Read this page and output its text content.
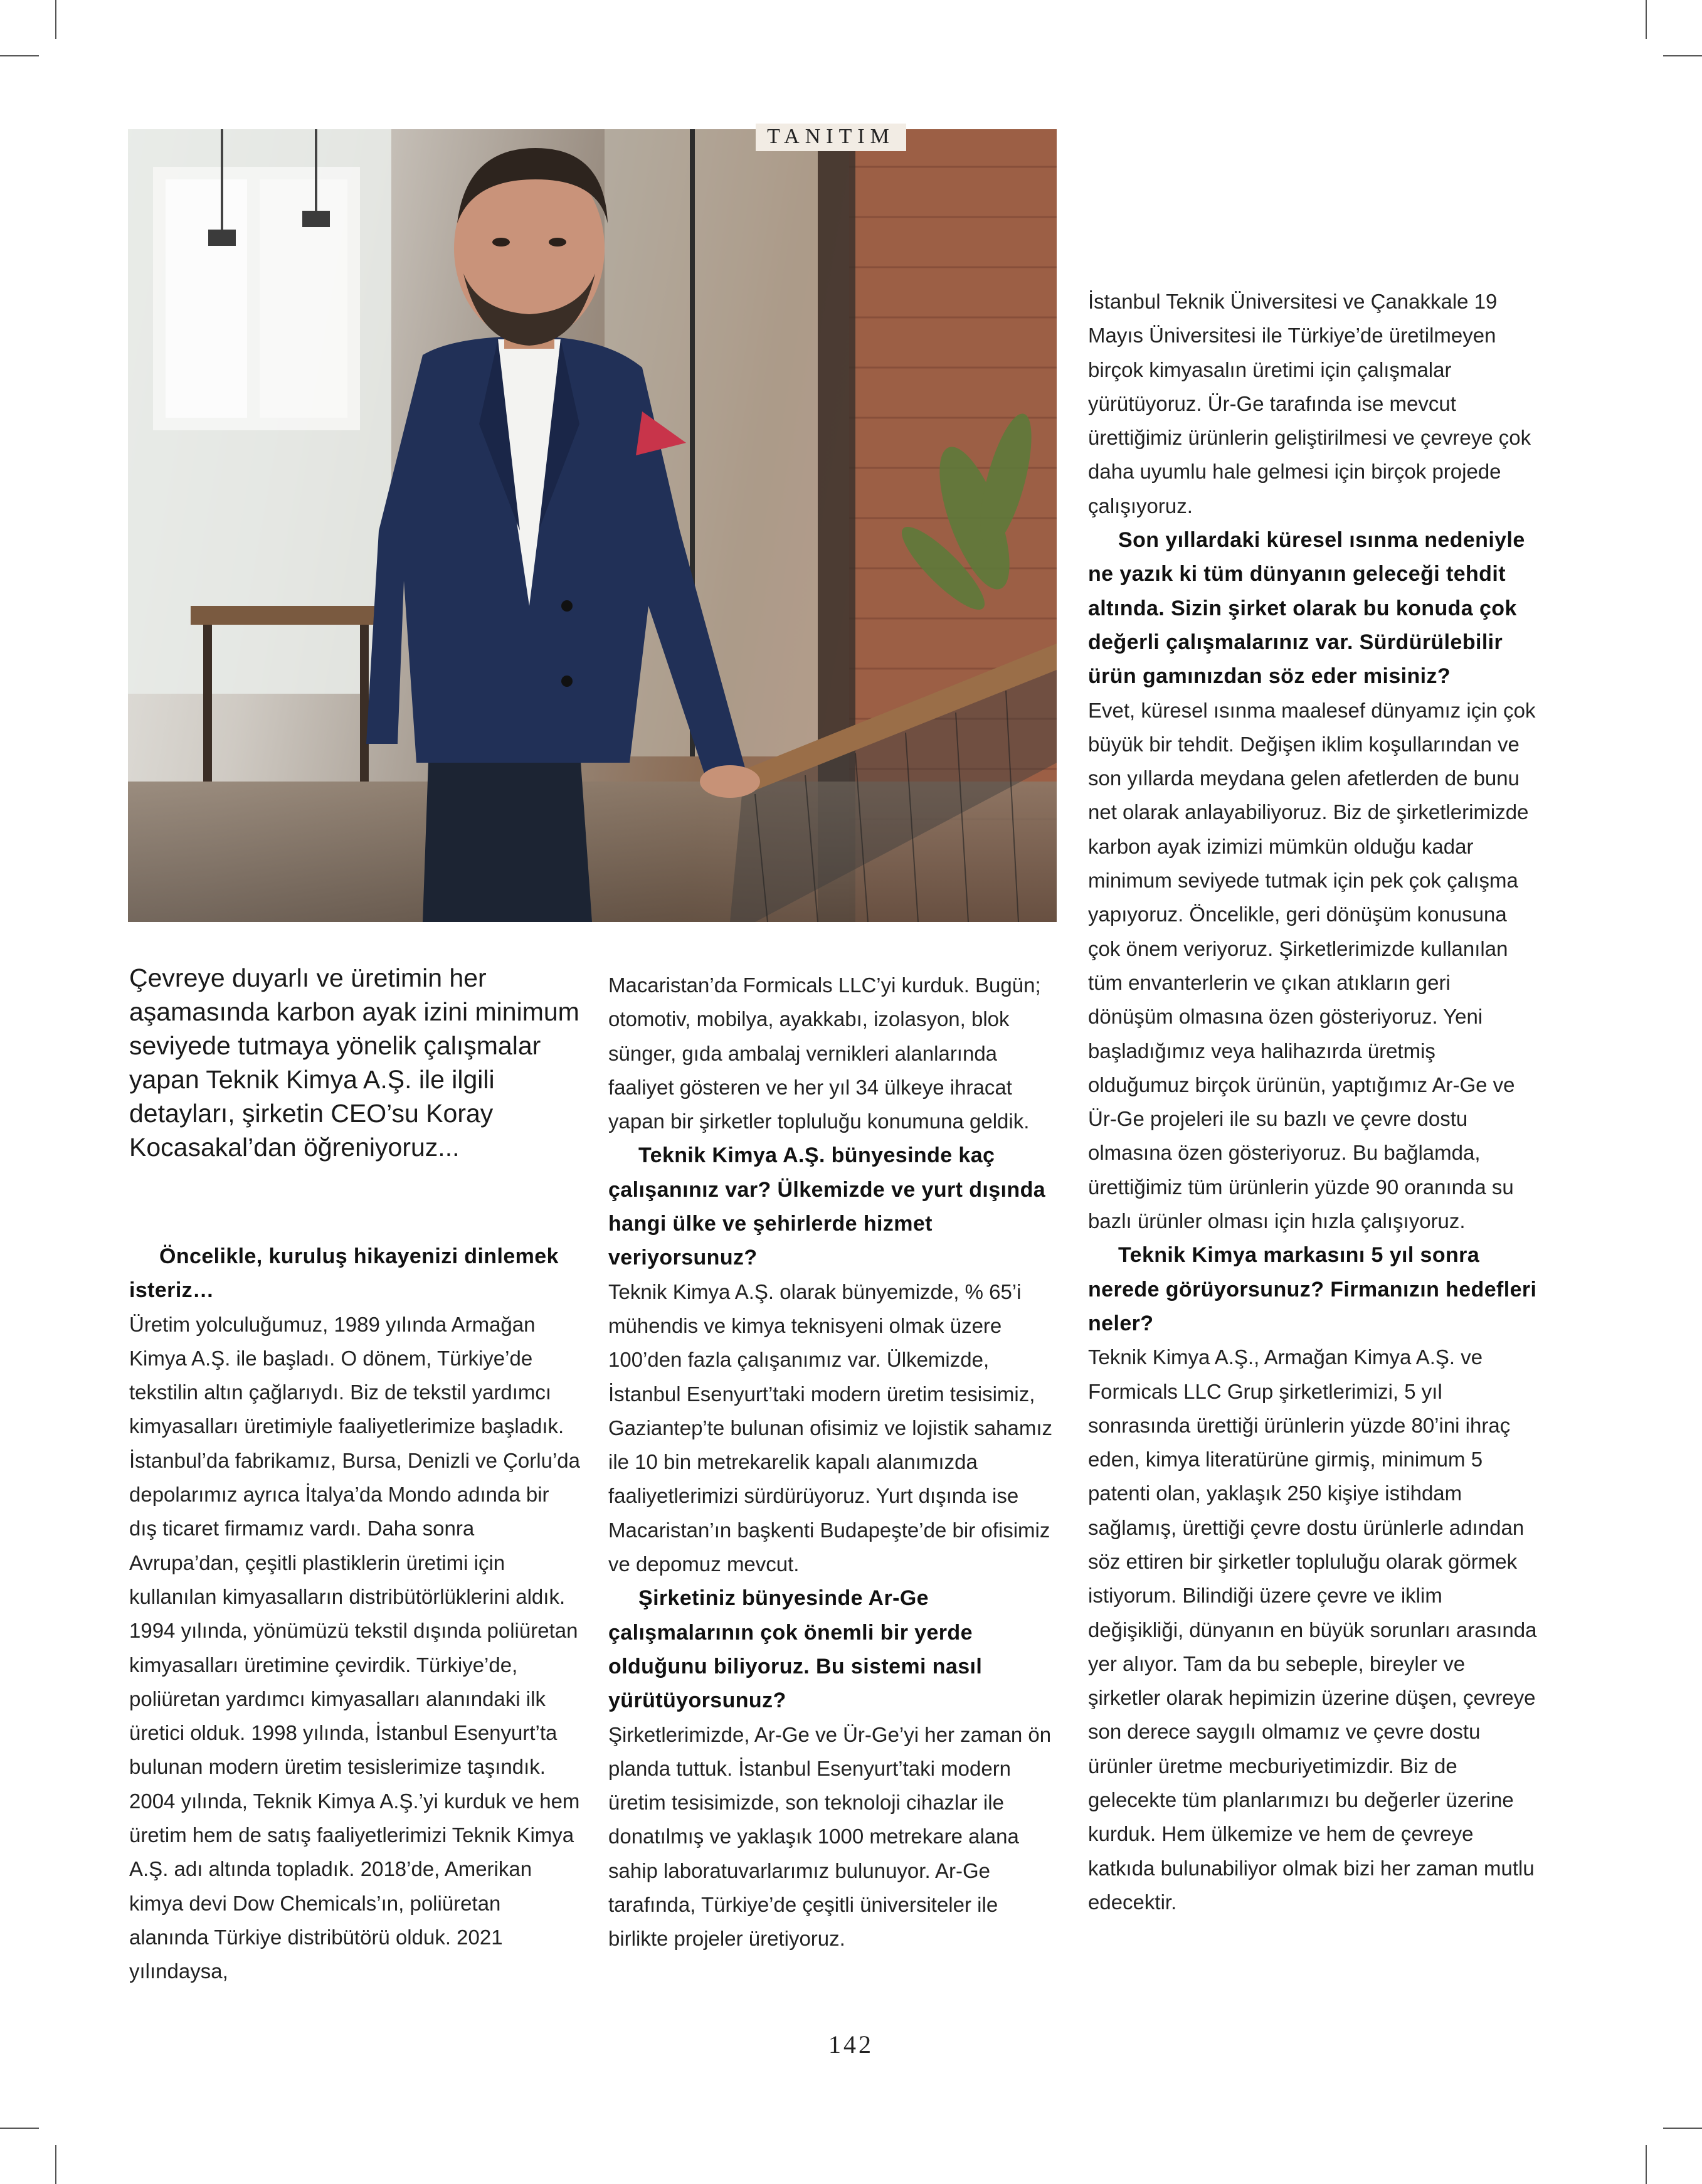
TANITIM
Çevreye duyarlı ve üretimin her aşamasında karbon ayak izini minimum seviyede tutmaya yönelik çalışmalar yapan Teknik Kimya A.Ş. ile ilgili detayları, şirketin CEO’su Koray Kocasakal’dan öğreniyoruz...

Öncelikle, kuruluş hikayenizi dinlemek isteriz…

Üretim yolculuğumuz, 1989 yılında Armağan Kimya A.Ş. ile başladı. O dönem, Türkiye’de tekstilin altın çağlarıydı. Biz de tekstil yardımcı kimyasalları üretimiyle faaliyetlerimize başladık. İstanbul’da fabrikamız, Bursa, Denizli ve Çorlu’da depolarımız ayrıca İtalya’da Mondo adında bir dış ticaret firmamız vardı. Daha sonra Avrupa’dan, çeşitli plastiklerin üretimi için kullanılan kimyasalların distribütörlüklerini aldık. 1994 yılında, yönümüzü tekstil dışında poliüretan kimyasalları üretimine çevirdik. Türkiye’de, poliüretan yardımcı kimyasalları alanındaki ilk üretici olduk. 1998 yılında, İstanbul Esenyurt’ta bulunan modern üretim tesislerimize taşındık. 2004 yılında, Teknik Kimya A.Ş.’yi kurduk ve hem üretim hem de satış faaliyetlerimizi Teknik Kimya A.Ş. adı altında topladık. 2018’de, Amerikan kimya devi Dow Chemicals’ın, poliüretan alanında Türkiye distribütörü olduk. 2021 yılındaysa,

Macaristan’da Formicals LLC’yi kurduk. Bugün; otomotiv, mobilya, ayakkabı, izolasyon, blok sünger, gıda ambalaj vernikleri alanlarında faaliyet gösteren ve her yıl 34 ülkeye ihracat yapan bir şirketler topluluğu konumuna geldik.

Teknik Kimya A.Ş. bünyesinde kaç çalışanınız var? Ülkemizde ve yurt dışında hangi ülke ve şehirlerde hizmet veriyorsunuz?

Teknik Kimya A.Ş. olarak bünyemizde, % 65’i mühendis ve kimya teknisyeni olmak üzere 100’den fazla çalışanımız var. Ülkemizde, İstanbul Esenyurt’taki modern üretim tesisimiz, Gaziantep’te bulunan ofisimiz ve lojistik sahamız ile 10 bin metrekarelik kapalı alanımızda faaliyetlerimizi sürdürüyoruz. Yurt dışında ise Macaristan’ın başkenti Budapeşte’de bir ofisimiz ve depomuz mevcut.

Şirketiniz bünyesinde Ar-Ge çalışmalarının çok önemli bir yerde olduğunu biliyoruz. Bu sistemi nasıl yürütüyorsunuz?

Şirketlerimizde, Ar-Ge ve Ür-Ge’yi her zaman ön planda tuttuk. İstanbul Esenyurt’taki modern üretim tesisimizde, son teknoloji cihazlar ile donatılmış ve yaklaşık 1000 metrekare alana sahip laboratuvarlarımız bulunuyor. Ar-Ge tarafında, Türkiye’de çeşitli üniversiteler ile birlikte projeler üretiyoruz.

İstanbul Teknik Üniversitesi ve Çanakkale 19 Mayıs Üniversitesi ile Türkiye’de üretilmeyen birçok kimyasalın üretimi için çalışmalar yürütüyoruz. Ür-Ge tarafında ise mevcut ürettiğimiz ürünlerin geliştirilmesi ve çevreye çok daha uyumlu hale gelmesi için birçok projede çalışıyoruz.

Son yıllardaki küresel ısınma nedeniyle ne yazık ki tüm dünyanın geleceği tehdit altında. Sizin şirket olarak bu konuda çok değerli çalışmalarınız var. Sürdürülebilir ürün gamınızdan söz eder misiniz?

Evet, küresel ısınma maalesef dünyamız için çok büyük bir tehdit. Değişen iklim koşullarından ve son yıllarda meydana gelen afetlerden de bunu net olarak anlayabiliyoruz. Biz de şirketlerimizde karbon ayak izimizi mümkün olduğu kadar minimum seviyede tutmak için pek çok çalışma yapıyoruz. Öncelikle, geri dönüşüm konusuna çok önem veriyoruz. Şirketlerimizde kullanılan tüm envanterlerin ve çıkan atıkların geri dönüşüm olmasına özen gösteriyoruz. Yeni başladığımız veya halihazırda üretmiş olduğumuz birçok ürünün, yaptığımız Ar-Ge ve Ür-Ge projeleri ile su bazlı ve çevre dostu olmasına özen gösteriyoruz. Bu bağlamda, ürettiğimiz tüm ürünlerin yüzde 90 oranında su bazlı ürünler olması için hızla çalışıyoruz.

Teknik Kimya markasını 5 yıl sonra nerede görüyorsunuz? Firmanızın hedefleri neler?

Teknik Kimya A.Ş., Armağan Kimya A.Ş. ve Formicals LLC Grup şirketlerimizi, 5 yıl sonrasında ürettiği ürünlerin yüzde 80’ini ihraç eden, kimya literatürüne girmiş, minimum 5 patenti olan, yaklaşık 250 kişiye istihdam sağlamış, ürettiği çevre dostu ürünlerle adından söz ettiren bir şirketler topluluğu olarak görmek istiyorum. Bilindiği üzere çevre ve iklim değişikliği, dünyanın en büyük sorunları arasında yer alıyor. Tam da bu sebeple, bireyler ve şirketler olarak hepimizin üzerine düşen, çevreye son derece saygılı olmamız ve çevre dostu ürünler üretme mecburiyetimizdir. Biz de gelecekte tüm planlarımızı bu değerler üzerine kurduk. Hem ülkemize ve hem de çevreye katkıda bulunabiliyor olmak bizi her zaman mutlu edecektir.

142
